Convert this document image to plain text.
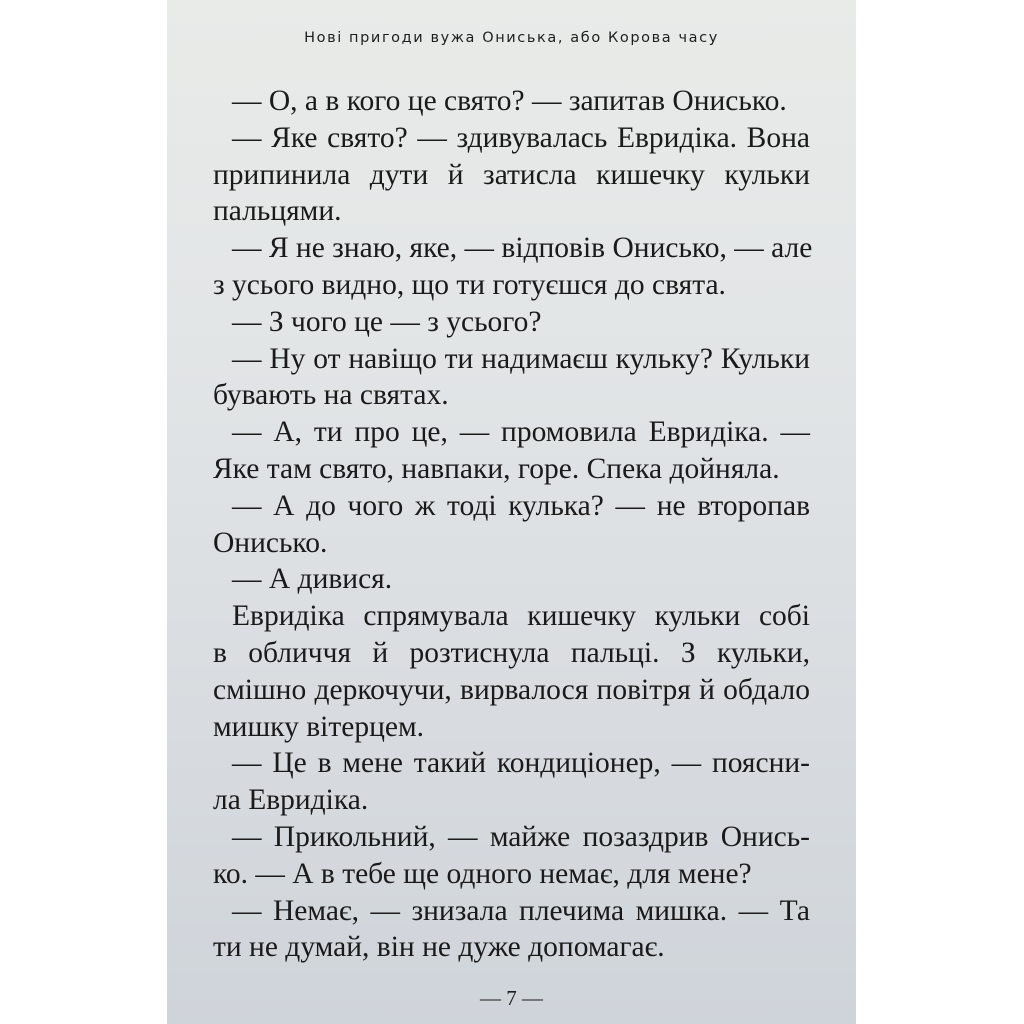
Нові пригоди вужа Ониська, або Корова часу
— О, а в кого це свято? — запитав Онисько.
— Яке свято? — здивувалась Евридіка. Вона
припинила дути й затисла кишечку кульки
пальцями.
— Я не знаю, яке, — відповів Онисько, — але
з усього видно, що ти готуєшся до свята.
— З чого це — з усього?
— Ну от навіщо ти надимаєш кульку? Кульки
бувають на святах.
— А, ти про це, — промовила Евридіка. —
Яке там свято, навпаки, горе. Спека дойняла.
— А до чого ж тоді кулька? — не второпав
Онисько.
— А дивися.
Евридіка спрямувала кишечку кульки собі
в обличчя й розтиснула пальці. З кульки,
смішно деркочучи, вирвалося повітря й обдало
мишку вітерцем.
— Це в мене такий кондиціонер, — поясни-
ла Евридіка.
— Прикольний, — майже позаздрив Онись-
ко. — А в тебе ще одного немає, для мене?
— Немає, — знизала плечима мишка. — Та
ти не думай, він не дуже допомагає.
— 7 —
